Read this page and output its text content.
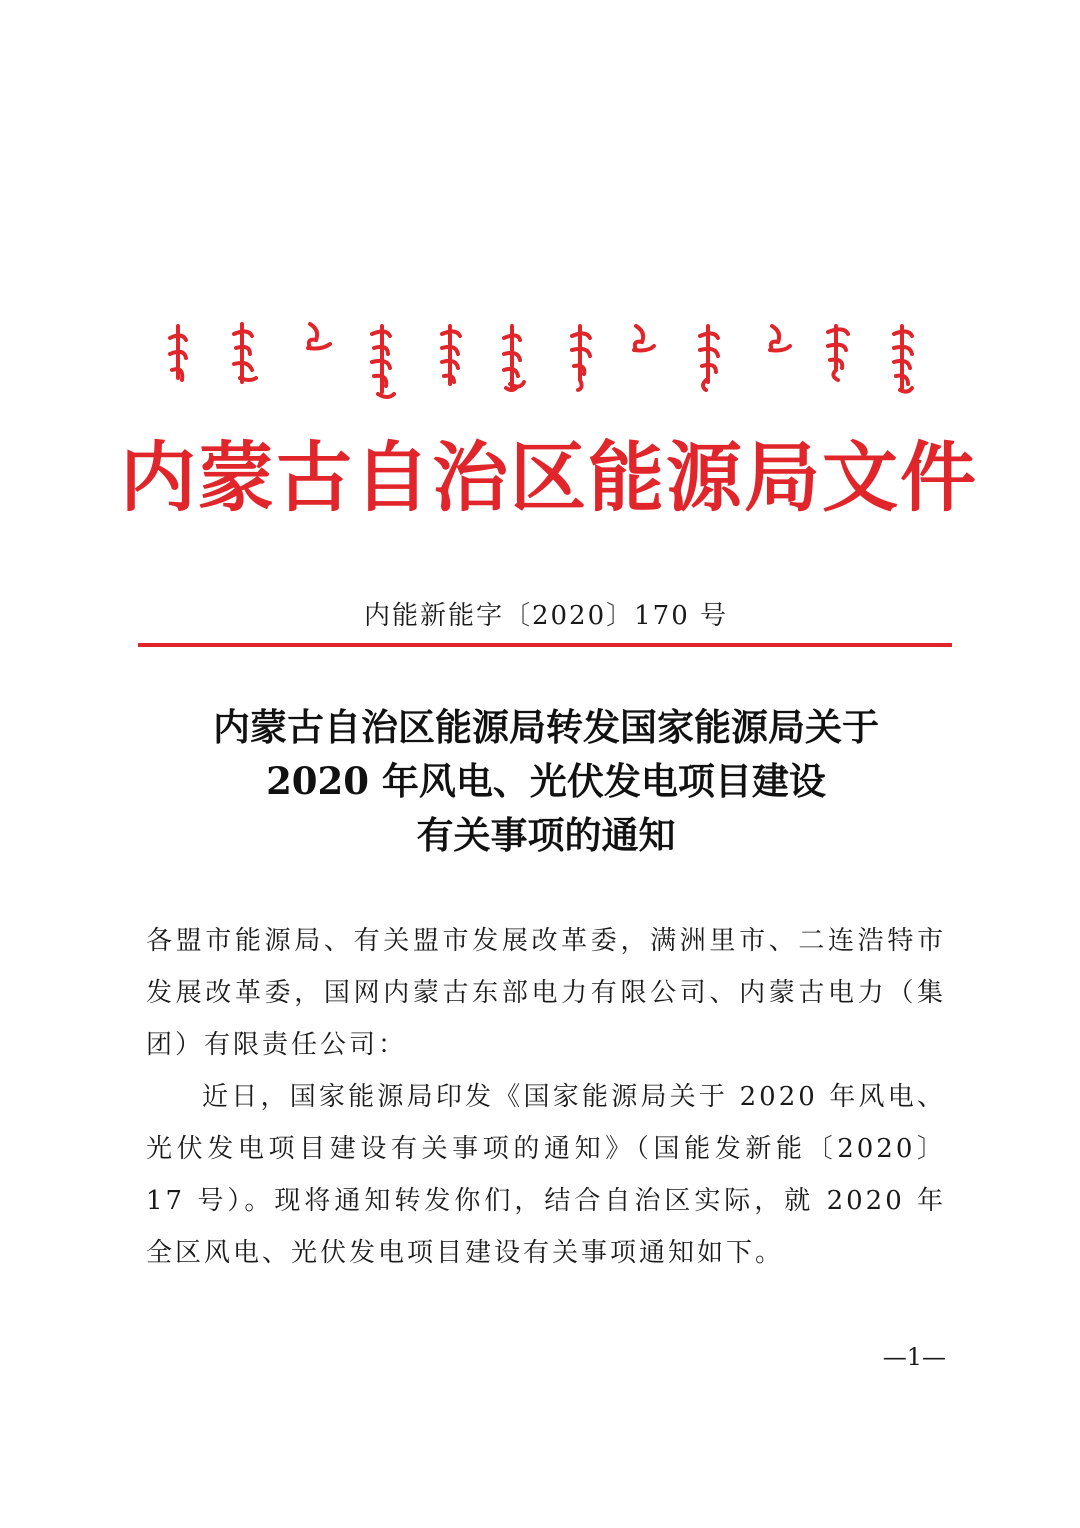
内蒙古自治区能源局文件
内能新能字〔2020〕170 号
内蒙古自治区能源局转发国家能源局关于
2020 年风电、光伏发电项目建设
有关事项的通知

各盟市能源局、有关盟市发展改革委，满洲里市、二连浩特市发展改革委，国网内蒙古东部电力有限公司、内蒙古电力（集团）有限责任公司：

近日，国家能源局印发《国家能源局关于 2020 年风电、光伏发电项目建设有关事项的通知》（国能发新能〔2020〕17 号）。现将通知转发你们，结合自治区实际，就 2020 年全区风电、光伏发电项目建设有关事项通知如下。

—1—
